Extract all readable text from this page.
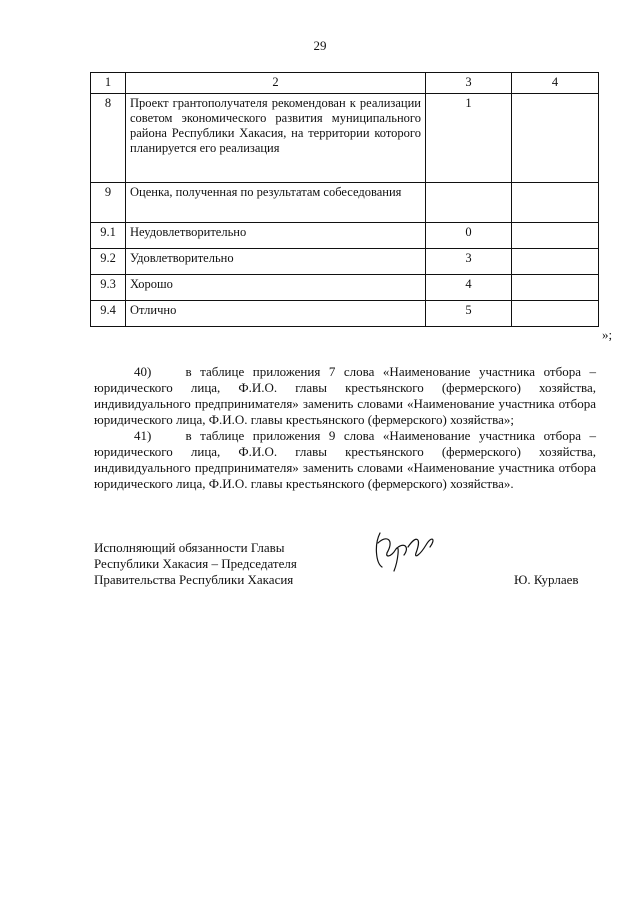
29
1	2	3	4
8	Проект грантополучателя рекомендован к реализации советом экономического развития муниципального района Республики Хакасия, на территории которого планируется его реализация	1	
9	Оценка, полученная по результатам собеседования		
9.1	Неудовлетворительно	0	
9.2	Удовлетворительно	3	
9.3	Хорошо	4	
9.4	Отлично	5	
»;

40)    в таблице приложения 7 слова «Наименование участника отбора – юридического лица, Ф.И.О. главы крестьянского (фермерского) хозяйства, индивидуального предпринимателя» заменить словами «Наименование участника отбора юридического лица, Ф.И.О. главы крестьянского (фермерского) хозяйства»;

41)    в таблице приложения 9 слова «Наименование участника отбора – юридического лица, Ф.И.О. главы крестьянского (фермерского) хозяйства, индивидуального предпринимателя» заменить словами «Наименование участника отбора юридического лица, Ф.И.О. главы крестьянского (фермерского) хозяйства».

Исполняющий обязанности Главы
Республики Хакасия – Председателя
Правительства Республики Хакасия	Ю. Курлаев
